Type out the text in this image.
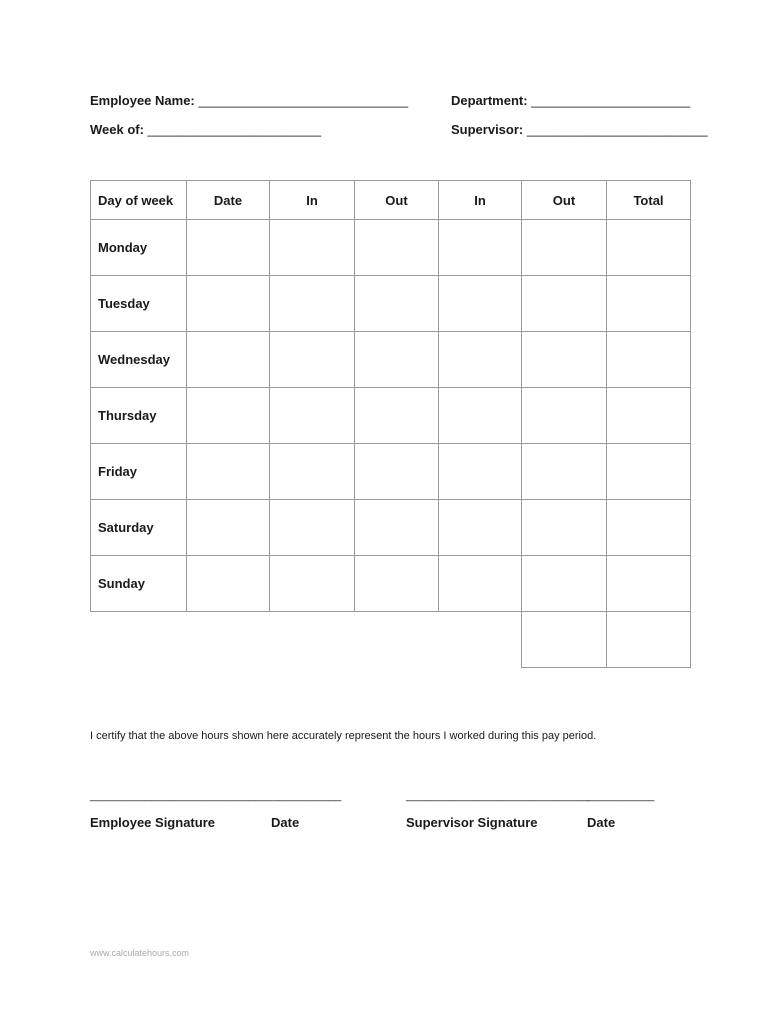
Employee Name: _____________________________	Department: ______________________
Week of: ________________________	Supervisor: _________________________
Day of week	Date	In	Out	In	Out	Total
Monday						
Tuesday						
Wednesday						
Thursday						
Friday						
Saturday						
Sunday						

I certify that the above hours shown here accurately represent the hours I worked during this pay period.
______________________________ ___________	______________________________
___________
Employee Signature	Date	Supervisor Signature	Date
www.calculatehours.com
